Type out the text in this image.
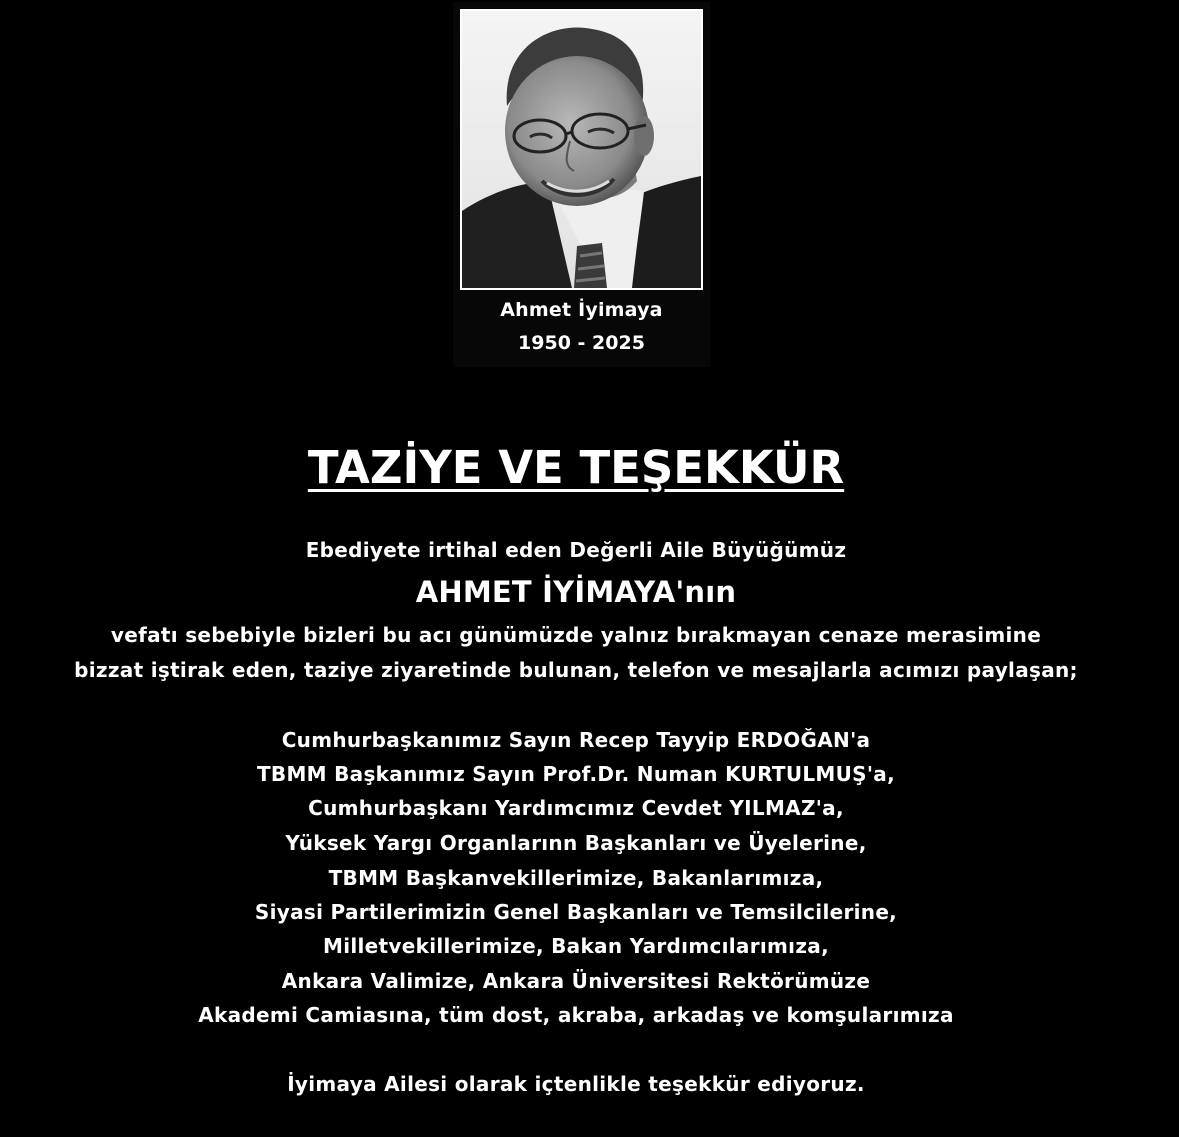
Ahmet İyimaya
1950 - 2025
TAZİYE VE TEŞEKKÜR
Ebediyete irtihal eden Değerli Aile Büyüğümüz
AHMET İYİMAYA'nın
vefatı sebebiyle bizleri bu acı günümüzde yalnız bırakmayan cenaze merasimine
bizzat iştirak eden, taziye ziyaretinde bulunan, telefon ve mesajlarla acımızı paylaşan;
Cumhurbaşkanımız Sayın Recep Tayyip ERDOĞAN'a
TBMM Başkanımız Sayın Prof.Dr. Numan KURTULMUŞ'a,
Cumhurbaşkanı Yardımcımız Cevdet YILMAZ'a,
Yüksek Yargı Organlarınn Başkanları ve Üyelerine,
TBMM Başkanvekillerimize, Bakanlarımıza,
Siyasi Partilerimizin Genel Başkanları ve Temsilcilerine,
Milletvekillerimize, Bakan Yardımcılarımıza,
Ankara Valimize, Ankara Üniversitesi Rektörümüze
Akademi Camiasına, tüm dost, akraba, arkadaş ve komşularımıza
İyimaya Ailesi olarak içtenlikle teşekkür ediyoruz.
